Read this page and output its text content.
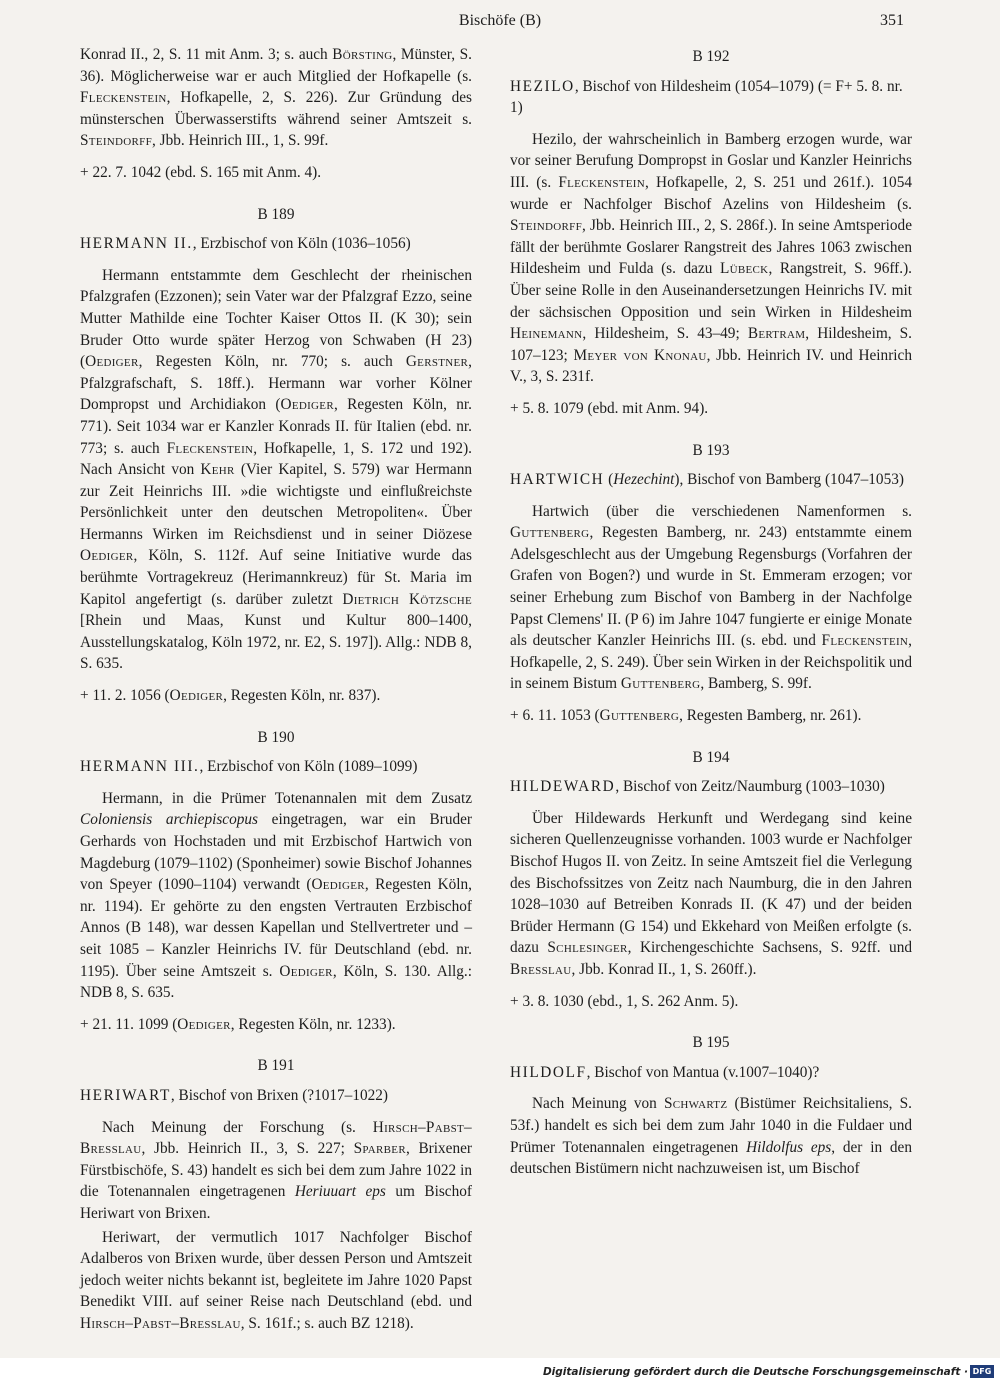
Bischöfe (B)	351

Konrad II., 2, S. 11 mit Anm. 3; s. auch Börsting, Münster, S. 36). Möglicherweise war er auch Mitglied der Hofkapelle (s. Fleckenstein, Hofkapelle, 2, S. 226). Zur Gründung des münsterschen Überwasserstifts während seiner Amtszeit s. Steindorff, Jbb. Heinrich III., 1, S. 99f.

+ 22. 7. 1042 (ebd. S. 165 mit Anm. 4).

B 189
HERMANN II., Erzbischof von Köln (1036–1056)

Hermann entstammte dem Geschlecht der rheinischen Pfalzgrafen (Ezzonen); sein Vater war der Pfalzgraf Ezzo, seine Mutter Mathilde eine Tochter Kaiser Ottos II. (K 30); sein Bruder Otto wurde später Herzog von Schwaben (H 23) (Oediger, Regesten Köln, nr. 770; s. auch Gerstner, Pfalzgrafschaft, S. 18ff.). Hermann war vorher Kölner Dompropst und Archidiakon (Oediger, Regesten Köln, nr. 771). Seit 1034 war er Kanzler Konrads II. für Italien (ebd. nr. 773; s. auch Fleckenstein, Hofkapelle, 1, S. 172 und 192). Nach Ansicht von Kehr (Vier Kapitel, S. 579) war Hermann zur Zeit Heinrichs III. »die wichtigste und einflußreichste Persönlichkeit unter den deutschen Metropoliten«. Über Hermanns Wirken im Reichsdienst und in seiner Diözese Oediger, Köln, S. 112f. Auf seine Initiative wurde das berühmte Vortragekreuz (Herimannkreuz) für St. Maria im Kapitol angefertigt (s. darüber zuletzt Dietrich Kötzsche [Rhein und Maas, Kunst und Kultur 800–1400, Ausstellungskatalog, Köln 1972, nr. E2, S. 197]). Allg.: NDB 8, S. 635.

+ 11. 2. 1056 (Oediger, Regesten Köln, nr. 837).

B 190
HERMANN III., Erzbischof von Köln (1089–1099)

Hermann, in die Prümer Totenannalen mit dem Zusatz Coloniensis archiepiscopus eingetragen, war ein Bruder Gerhards von Hochstaden und mit Erzbischof Hartwich von Magdeburg (1079–1102) (Sponheimer) sowie Bischof Johannes von Speyer (1090–1104) verwandt (Oediger, Regesten Köln, nr. 1194). Er gehörte zu den engsten Vertrauten Erzbischof Annos (B 148), war dessen Kapellan und Stellvertreter und – seit 1085 – Kanzler Heinrichs IV. für Deutschland (ebd. nr. 1195). Über seine Amtszeit s. Oediger, Köln, S. 130. Allg.: NDB 8, S. 635.

+ 21. 11. 1099 (Oediger, Regesten Köln, nr. 1233).

B 191
HERIWART, Bischof von Brixen (?1017–1022)

Nach Meinung der Forschung (s. Hirsch–Pabst–Bresslau, Jbb. Heinrich II., 3, S. 227; Sparber, Brixener Fürstbischöfe, S. 43) handelt es sich bei dem zum Jahre 1022 in die Totenannalen eingetragenen Heriuuart eps um Bischof Heriwart von Brixen.

Heriwart, der vermutlich 1017 Nachfolger Bischof Adalberos von Brixen wurde, über dessen Person und Amtszeit jedoch weiter nichts bekannt ist, begleitete im Jahre 1020 Papst Benedikt VIII. auf seiner Reise nach Deutschland (ebd. und Hirsch–Pabst–Bresslau, S. 161f.; s. auch BZ 1218).

B 192
HEZILO, Bischof von Hildesheim (1054–1079) (= F+ 5. 8. nr. 1)

Hezilo, der wahrscheinlich in Bamberg erzogen wurde, war vor seiner Berufung Dompropst in Goslar und Kanzler Heinrichs III. (s. Fleckenstein, Hofkapelle, 2, S. 251 und 261f.). 1054 wurde er Nachfolger Bischof Azelins von Hildesheim (s. Steindorff, Jbb. Heinrich III., 2, S. 286f.). In seine Amtsperiode fällt der berühmte Goslarer Rangstreit des Jahres 1063 zwischen Hildesheim und Fulda (s. dazu Lübeck, Rangstreit, S. 96ff.). Über seine Rolle in den Auseinandersetzungen Heinrichs IV. mit der sächsischen Opposition und sein Wirken in Hildesheim Heinemann, Hildesheim, S. 43–49; Bertram, Hildesheim, S. 107–123; Meyer von Knonau, Jbb. Heinrich IV. und Heinrich V., 3, S. 231f.

+ 5. 8. 1079 (ebd. mit Anm. 94).

B 193
HARTWICH (Hezechint), Bischof von Bamberg (1047–1053)

Hartwich (über die verschiedenen Namenformen s. Guttenberg, Regesten Bamberg, nr. 243) entstammte einem Adelsgeschlecht aus der Umgebung Regensburgs (Vorfahren der Grafen von Bogen?) und wurde in St. Emmeram erzogen; vor seiner Erhebung zum Bischof von Bamberg in der Nachfolge Papst Clemens' II. (P 6) im Jahre 1047 fungierte er einige Monate als deutscher Kanzler Heinrichs III. (s. ebd. und Fleckenstein, Hofkapelle, 2, S. 249). Über sein Wirken in der Reichspolitik und in seinem Bistum Guttenberg, Bamberg, S. 99f.

+ 6. 11. 1053 (Guttenberg, Regesten Bamberg, nr. 261).

B 194
HILDEWARD, Bischof von Zeitz/Naumburg (1003–1030)

Über Hildewards Herkunft und Werdegang sind keine sicheren Quellenzeugnisse vorhanden. 1003 wurde er Nachfolger Bischof Hugos II. von Zeitz. In seine Amtszeit fiel die Verlegung des Bischofssitzes von Zeitz nach Naumburg, die in den Jahren 1028–1030 auf Betreiben Konrads II. (K 47) und der beiden Brüder Hermann (G 154) und Ekkehard von Meißen erfolgte (s. dazu Schlesinger, Kirchengeschichte Sachsens, S. 92ff. und Bresslau, Jbb. Konrad II., 1, S. 260ff.).

+ 3. 8. 1030 (ebd., 1, S. 262 Anm. 5).

B 195
HILDOLF, Bischof von Mantua (v.1007–1040)?

Nach Meinung von Schwartz (Bistümer Reichsitaliens, S. 53f.) handelt es sich bei dem zum Jahr 1040 in die Fuldaer und Prümer Totenannalen eingetragenen Hildolfus eps, der in den deutschen Bistümern nicht nachzuweisen ist, um Bischof

Digitalisierung gefördert durch die Deutsche Forschungsgemeinschaft · DFG
